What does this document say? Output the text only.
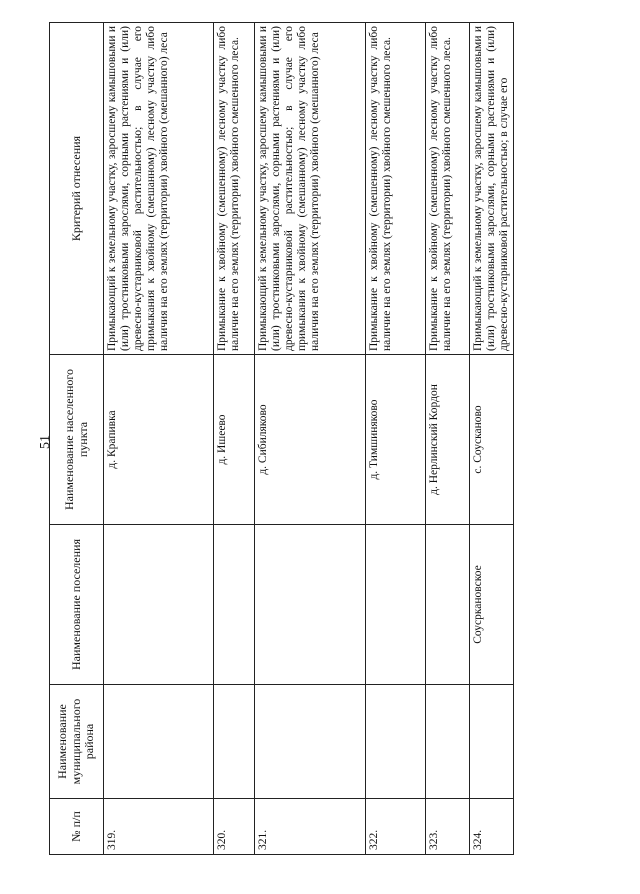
51
№ п/п	Наименование муниципального района	Наименование поселения	Наименование населенного пункта	Критерий отнесения
319.			д. Крапивка	Примыкающий к земельному участку, заросшему камышовыми и (или) тростниковыми зарослями, сорными растениями и (или) древесно-кустарниковой растительностью; в случае его примыкания к хвойному (смешанному) лесному участку либо наличия на его землях (территории) хвойного (смешанного) леса
320.			д. Ишеево	Примыкание к хвойному (смешенному) лесному участку либо наличие на его землях (территории) хвойного смешенного леса.
321.			д. Сибиляково	Примыкающий к земельному участку, заросшему камышовыми и (или) тростниковыми зарослями, сорными растениями и (или) древесно-кустарниковой растительностью; в случае его примыкания к хвойному (смешанному) лесному участку либо наличия на его землях (территории) хвойного (смешанного) леса
322.			д. Тимшиняково	Примыкание к хвойному (смешенному) лесному участку либо наличие на его землях (территории) хвойного смешенного леса.
323.			д. Нерлинский Кордон	Примыкание к хвойному (смешенному) лесному участку либо наличие на его землях (территории) хвойного смешенного леса.
324.		Соусркановское	с. Соусканово	Примыкающий к земельному участку, заросшему камышовыми и (или) тростниковыми зарослями, сорными растениями и (или) древесно-кустарниковой растительностью; в случае его
